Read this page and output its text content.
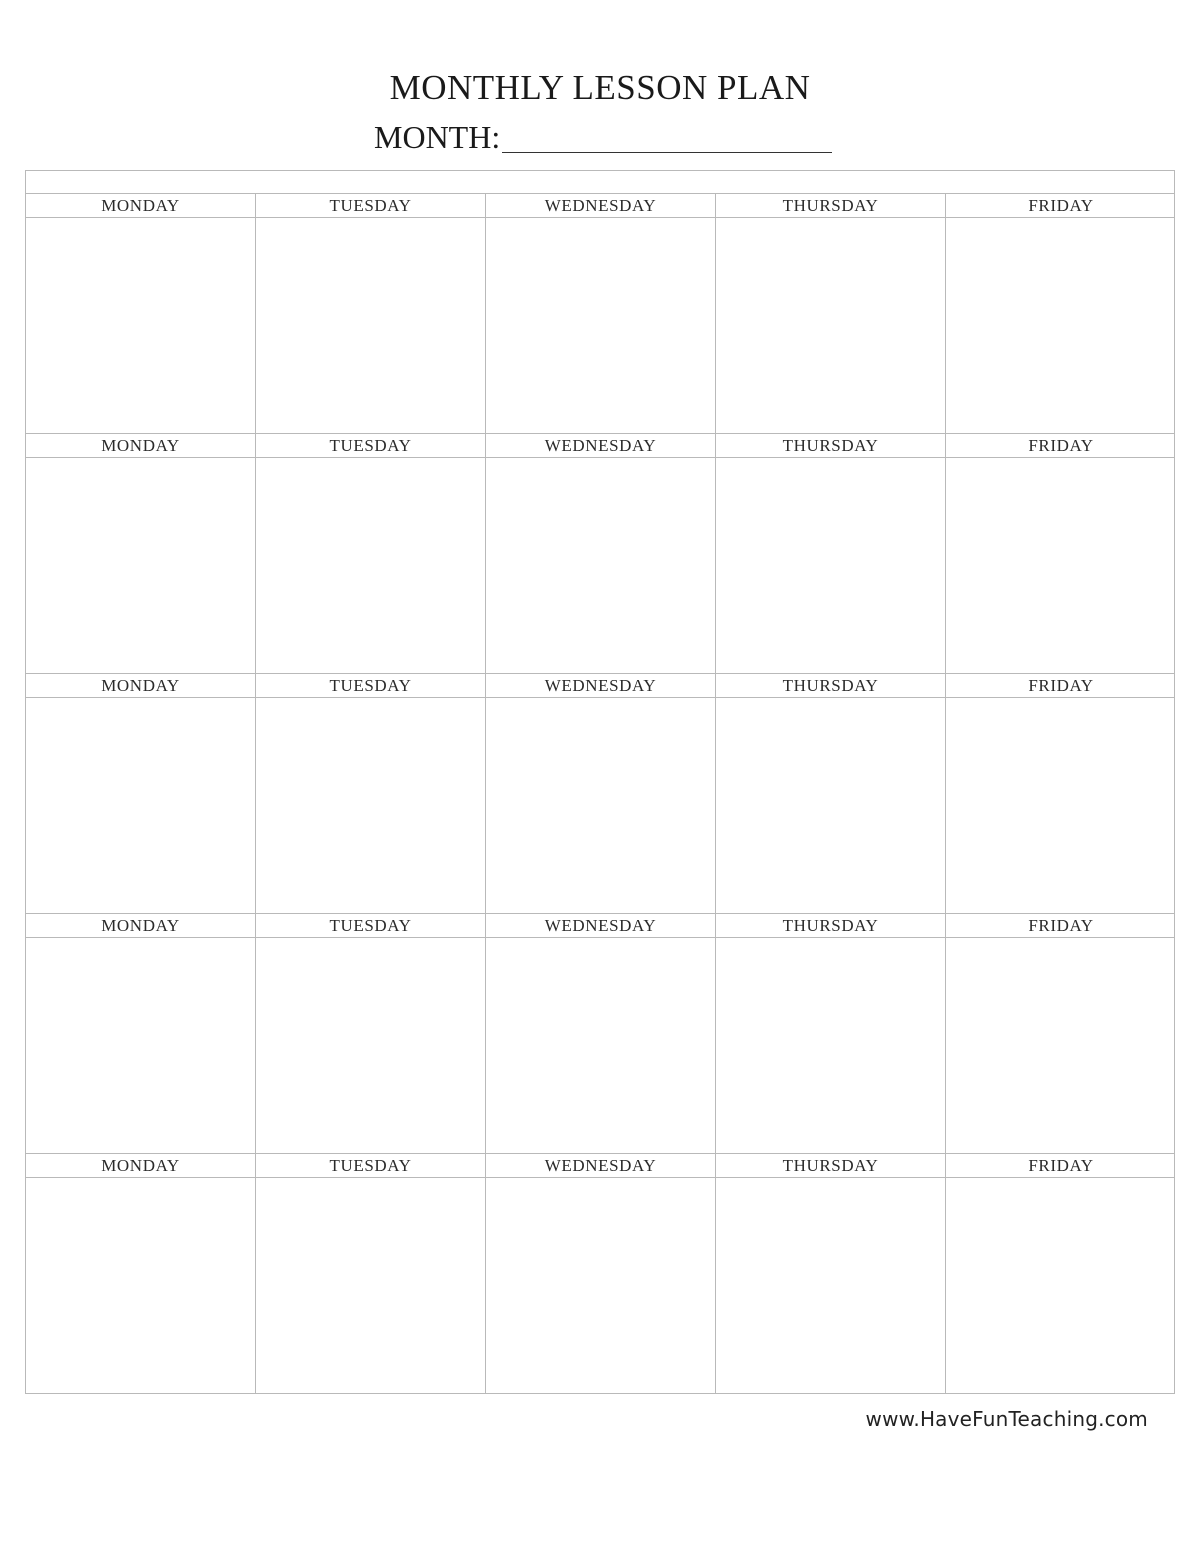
MONTHLY LESSON PLAN
MONTH:
MONDAY	TUESDAY	WEDNESDAY	THURSDAY	FRIDAY
MONDAY	TUESDAY	WEDNESDAY	THURSDAY	FRIDAY
MONDAY	TUESDAY	WEDNESDAY	THURSDAY	FRIDAY
MONDAY	TUESDAY	WEDNESDAY	THURSDAY	FRIDAY
MONDAY	TUESDAY	WEDNESDAY	THURSDAY	FRIDAY
www.HaveFunTeaching.com
